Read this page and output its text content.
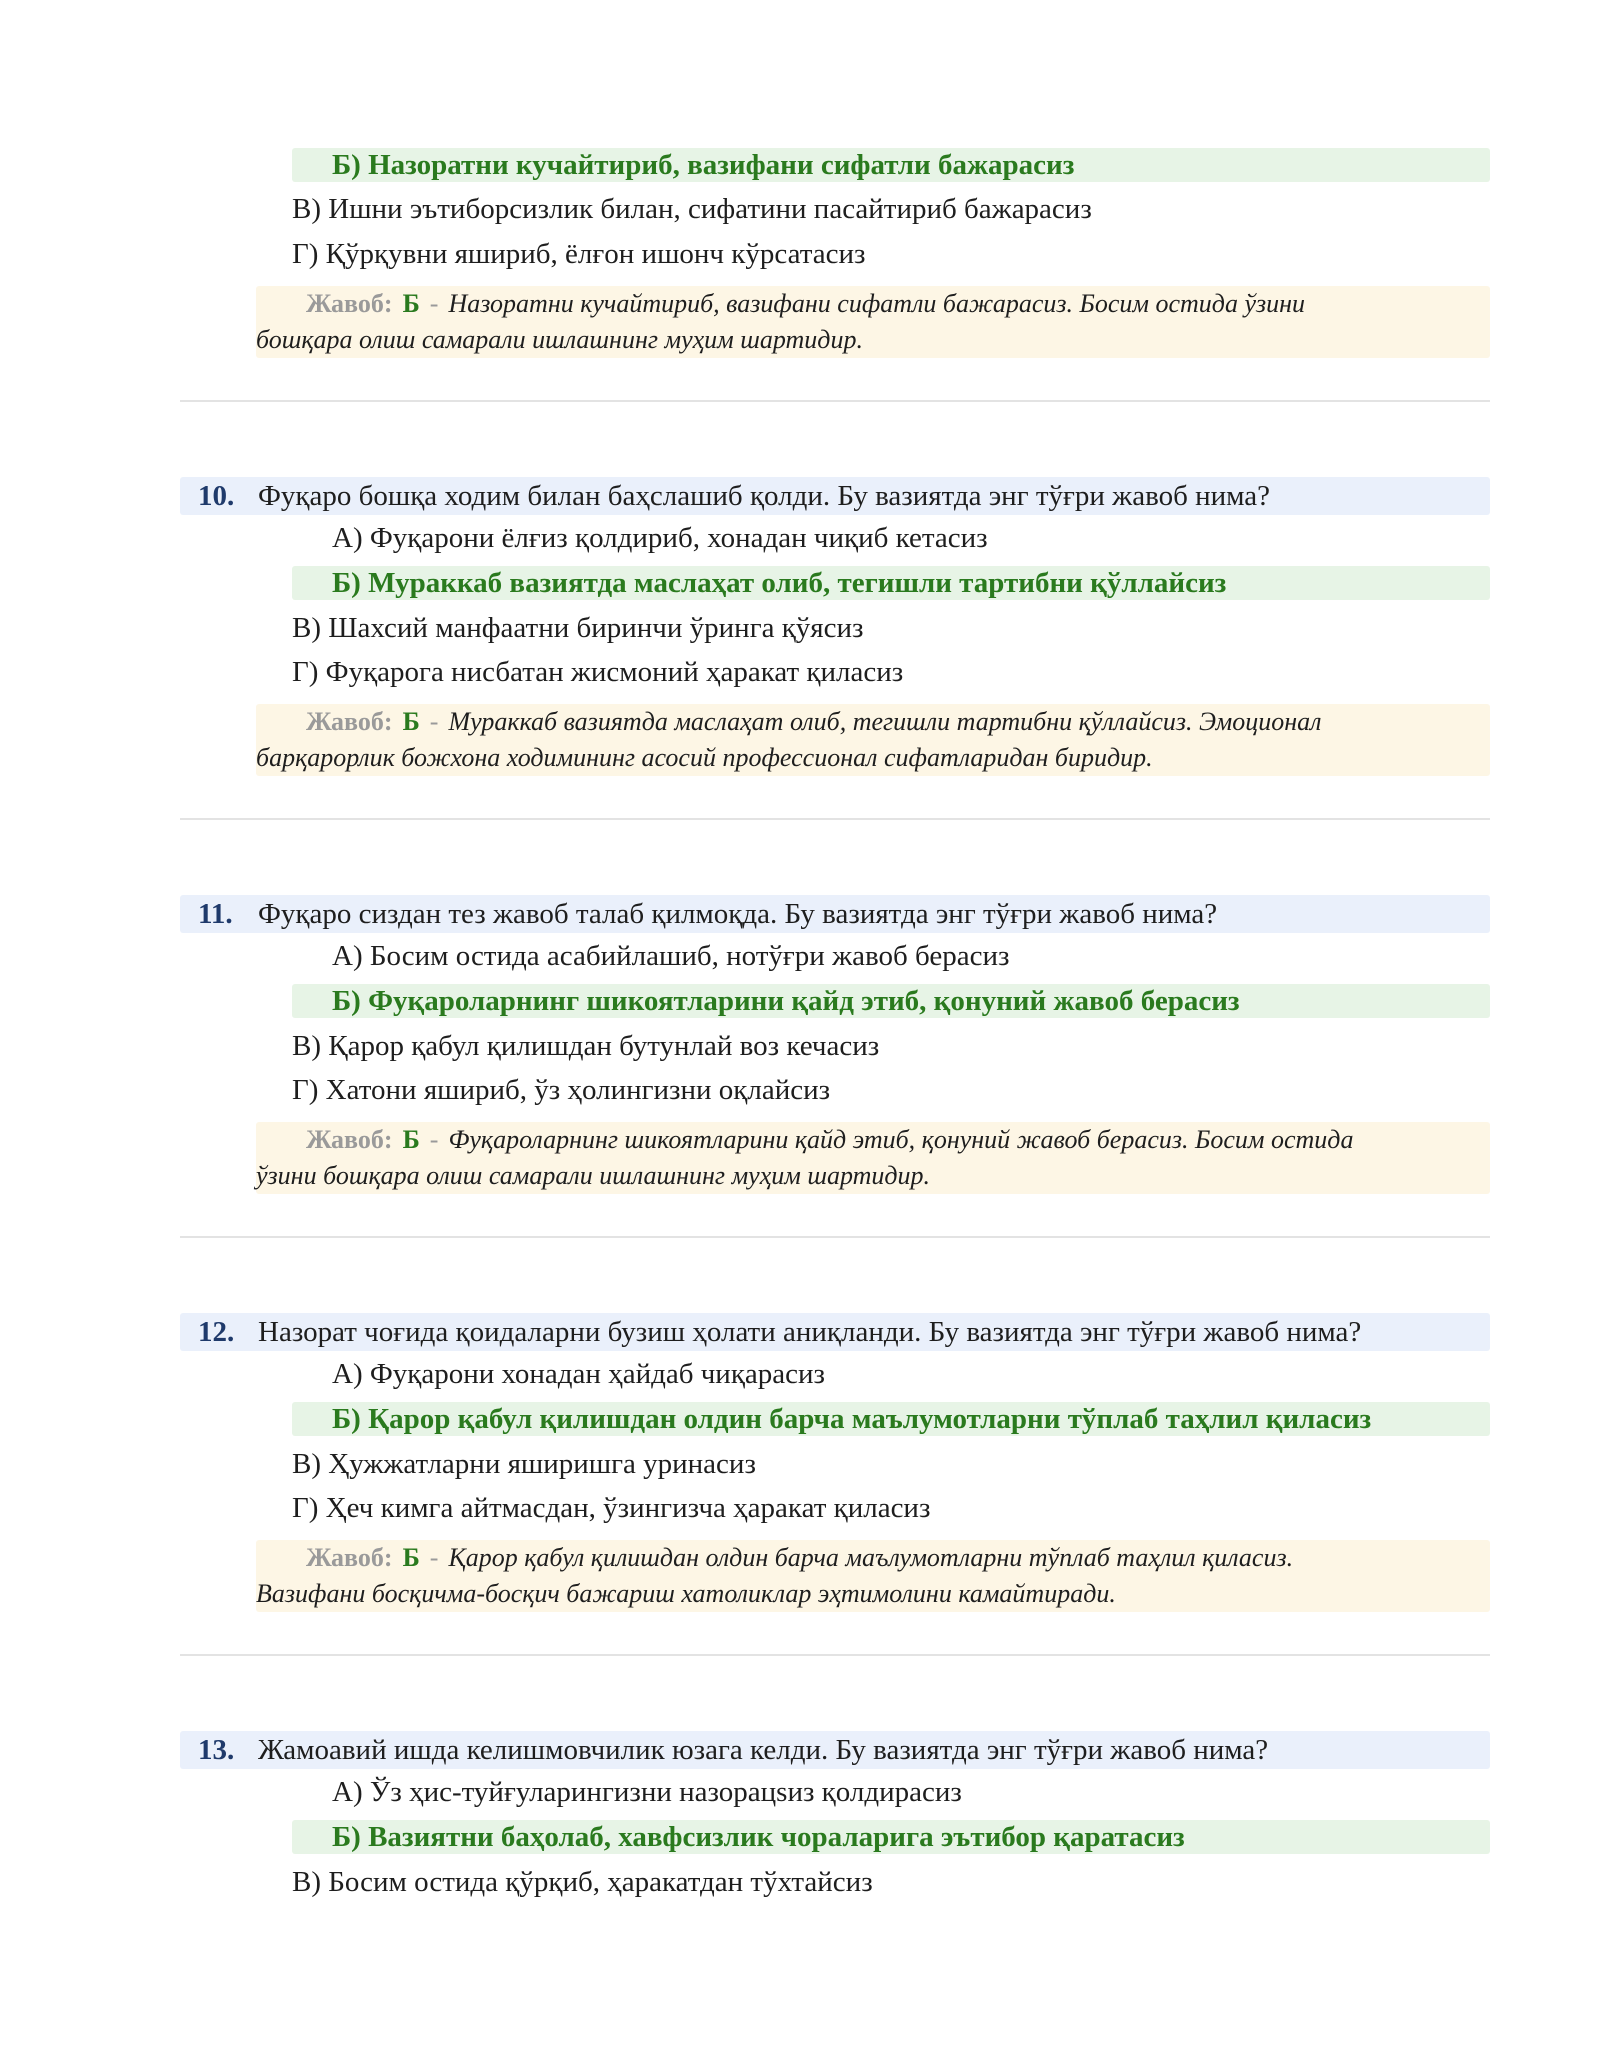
Б) Назоратни кучайтириб, вазифани сифатли бажарасиз
В) Ишни эътиборсизлик билан, сифатини пасайтириб бажарасиз
Г) Қўрқувни яшириб, ёлғон ишонч кўрсатасиз
Жавоб: Б - Назоратни кучайтириб, вазифани сифатли бажарасиз. Босим остида ўзини
бошқара олиш самарали ишлашнинг муҳим шартидир.
10. Фуқаро бошқа ходим билан баҳслашиб қолди. Бу вазиятда энг тўғри жавоб нима?
А) Фуқарони ёлғиз қолдириб, хонадан чиқиб кетасиз
Б) Мураккаб вазиятда маслаҳат олиб, тегишли тартибни қўллайсиз
В) Шахсий манфаатни биринчи ўринга қўясиз
Г) Фуқарога нисбатан жисмоний ҳаракат қиласиз
Жавоб: Б - Мураккаб вазиятда маслаҳат олиб, тегишли тартибни қўллайсиз. Эмоционал
барқарорлик божхона ходимининг асосий профессионал сифатларидан биридир.
11. Фуқаро сиздан тез жавоб талаб қилмоқда. Бу вазиятда энг тўғри жавоб нима?
А) Босим остида асабийлашиб, нотўғри жавоб берасиз
Б) Фуқароларнинг шикоятларини қайд этиб, қонуний жавоб берасиз
В) Қарор қабул қилишдан бутунлай воз кечасиз
Г) Хатони яшириб, ўз ҳолингизни оқлайсиз
Жавоб: Б - Фуқароларнинг шикоятларини қайд этиб, қонуний жавоб берасиз. Босим остида
ўзини бошқара олиш самарали ишлашнинг муҳим шартидир.
12. Назорат чоғида қоидаларни бузиш ҳолати аниқланди. Бу вазиятда энг тўғри жавоб нима?
А) Фуқарони хонадан ҳайдаб чиқарасиз
Б) Қарор қабул қилишдан олдин барча маълумотларни тўплаб таҳлил қиласиз
В) Ҳужжатларни яширишга уринасиз
Г) Ҳеч кимга айтмасдан, ўзингизча ҳаракат қиласиз
Жавоб: Б - Қарор қабул қилишдан олдин барча маълумотларни тўплаб таҳлил қиласиз.
Вазифани босқичма-босқич бажариш хатоликлар эҳтимолини камайтиради.
13. Жамоавий ишда келишмовчилик юзага келди. Бу вазиятда энг тўғри жавоб нима?
А) Ўз ҳис-туйғуларингизни назорацsиз қолдирасиз
Б) Вазиятни баҳолаб, хавфсизлик чораларига эътибор қаратасиз
В) Босим остида қўрқиб, ҳаракатдан тўхтайсиз
